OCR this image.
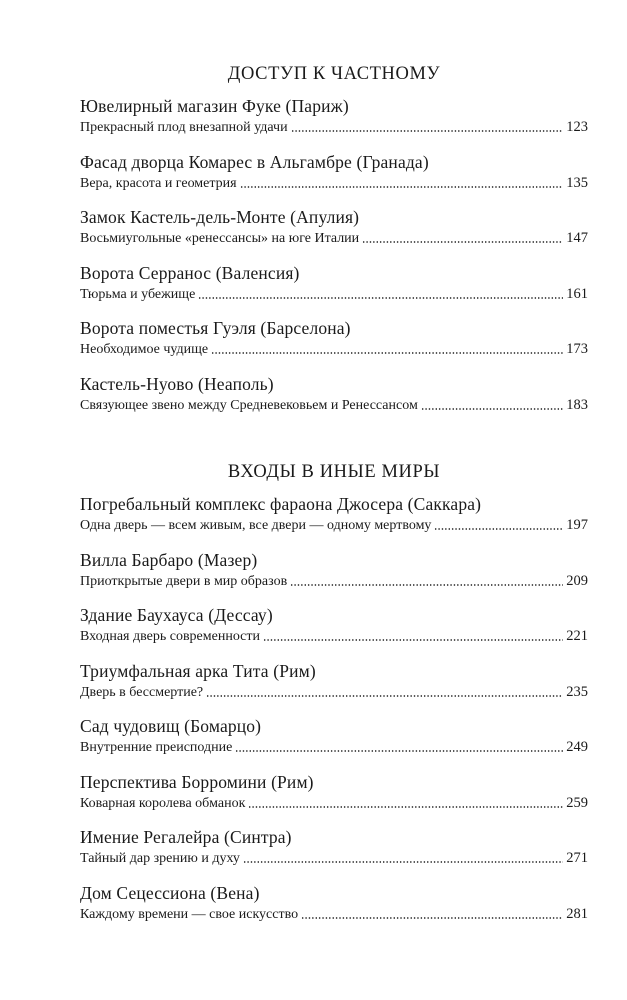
ДОСТУП К ЧАСТНОМУ
Ювелирный магазин Фуке (Париж)
Прекрасный плод внезапной удачи	123
Фасад дворца Комарес в Альгамбре (Гранада)
Вера, красота и геометрия	135
Замок Кастель-дель-Монте (Апулия)
Восьмиугольные «ренессансы» на юге Италии	147
Ворота Серранос (Валенсия)
Тюрьма и убежище	161
Ворота поместья Гуэля (Барселона)
Необходимое чудище	173
Кастель-Нуово (Неаполь)
Связующее звено между Средневековьем и Ренессансом	183
ВХОДЫ В ИНЫЕ МИРЫ
Погребальный комплекс фараона Джосера (Саккара)
Одна дверь — всем живым, все двери — одному мертвому	197
Вилла Барбаро (Мазер)
Приоткрытые двери в мир образов	209
Здание Баухауса (Дессау)
Входная дверь современности	221
Триумфальная арка Тита (Рим)
Дверь в бессмертие?	235
Сад чудовищ (Бомарцо)
Внутренние преисподние	249
Перспектива Борромини (Рим)
Коварная королева обманок	259
Имение Регалейра (Синтра)
Тайный дар зрению и духу	271
Дом Сецессиона (Вена)
Каждому времени — свое искусство	281
